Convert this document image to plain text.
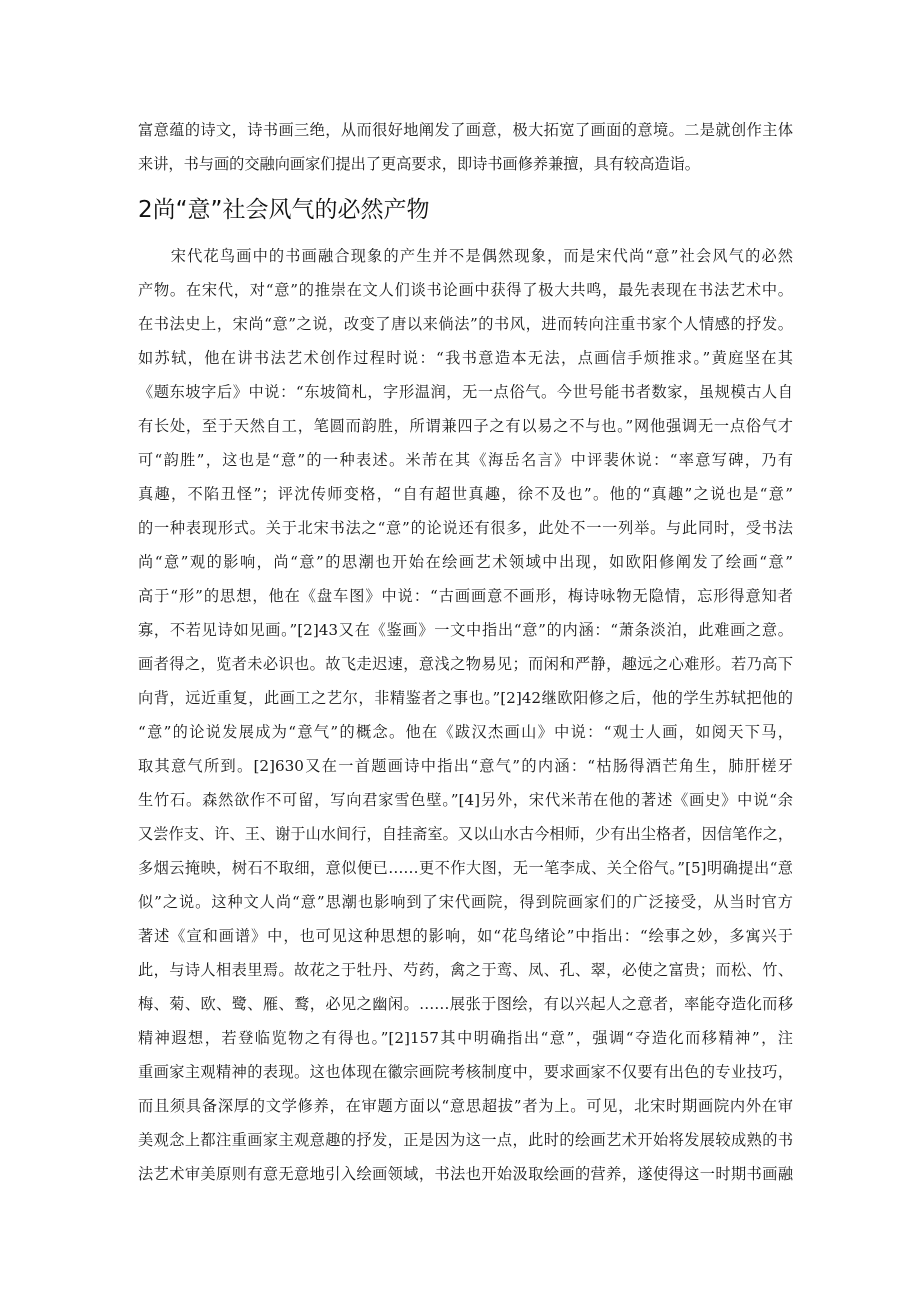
富意蕴的诗文，诗书画三绝，从而很好地阐发了画意，极大拓宽了画面的意境。二是就创作主体
来讲，书与画的交融向画家们提出了更高要求，即诗书画修养兼擅，具有较高造诣。
2尚“意”社会风气的必然产物
　　宋代花鸟画中的书画融合现象的产生并不是偶然现象，而是宋代尚“意”社会风气的必然
产物。在宋代，对“意”的推崇在文人们谈书论画中获得了极大共鸣，最先表现在书法艺术中。
在书法史上，宋尚“意”之说，改变了唐以来倘法”的书风，进而转向注重书家个人情感的抒发。
如苏轼，他在讲书法艺术创作过程时说：“我书意造本无法，点画信手烦推求。”黄庭坚在其
《题东坡字后》中说：“东坡简札，字形温润，无一点俗气。今世号能书者数家，虽规模古人自
有长处，至于天然自工，笔圆而韵胜，所谓兼四子之有以易之不与也。”网他强调无一点俗气才
可“韵胜”，这也是“意”的一种表述。米芾在其《海岳名言》中评裴休说：“率意写碑，乃有
真趣，不陷丑怪”；评沈传师变格，“自有超世真趣，徐不及也”。他的“真趣”之说也是“意”
的一种表现形式。关于北宋书法之“意”的论说还有很多，此处不一一列举。与此同时，受书法
尚“意”观的影响，尚“意”的思潮也开始在绘画艺术领域中出现，如欧阳修阐发了绘画“意”
高于“形”的思想，他在《盘车图》中说：“古画画意不画形，梅诗咏物无隐情，忘形得意知者
寡，不若见诗如见画。”[2]43又在《鉴画》一文中指出“意”的内涵：“萧条淡泊，此难画之意。
画者得之，览者未必识也。故飞走迟速，意浅之物易见；而闲和严静，趣远之心难形。若乃高下
向背，远近重复，此画工之艺尔，非精鉴者之事也。”[2]42继欧阳修之后，他的学生苏轼把他的
“意”的论说发展成为“意气”的概念。他在《跋汉杰画山》中说：“观士人画，如阅天下马，
取其意气所到。[2]630又在一首题画诗中指出“意气”的内涵：“枯肠得酒芒角生，肺肝槎牙
生竹石。森然欲作不可留，写向君家雪色壁。”[4]另外，宋代米芾在他的著述《画史》中说“余
又尝作支、许、王、谢于山水间行，自挂斋室。又以山水古今相师，少有出尘格者，因信笔作之，
多烟云掩映，树石不取细，意似便已……更不作大图，无一笔李成、关仝俗气。”[5]明确提出“意
似”之说。这种文人尚“意”思潮也影响到了宋代画院，得到院画家们的广泛接受，从当时官方
著述《宣和画谱》中，也可见这种思想的影响，如“花鸟绪论”中指出：“绘事之妙，多寓兴于
此，与诗人相表里焉。故花之于牡丹、芍药，禽之于鸾、凤、孔、翠，必使之富贵；而松、竹、
梅、菊、欧、鹭、雁、鹜，必见之幽闲。……展张于图绘，有以兴起人之意者，率能夺造化而移
精神遐想，若登临览物之有得也。”[2]157其中明确指出“意”，强调“夺造化而移精神”，注
重画家主观精神的表现。这也体现在徽宗画院考核制度中，要求画家不仅要有出色的专业技巧，
而且须具备深厚的文学修养，在审题方面以“意思超拔”者为上。可见，北宋时期画院内外在审
美观念上都注重画家主观意趣的抒发，正是因为这一点，此时的绘画艺术开始将发展较成熟的书
法艺术审美原则有意无意地引入绘画领域，书法也开始汲取绘画的营养，遂使得这一时期书画融
